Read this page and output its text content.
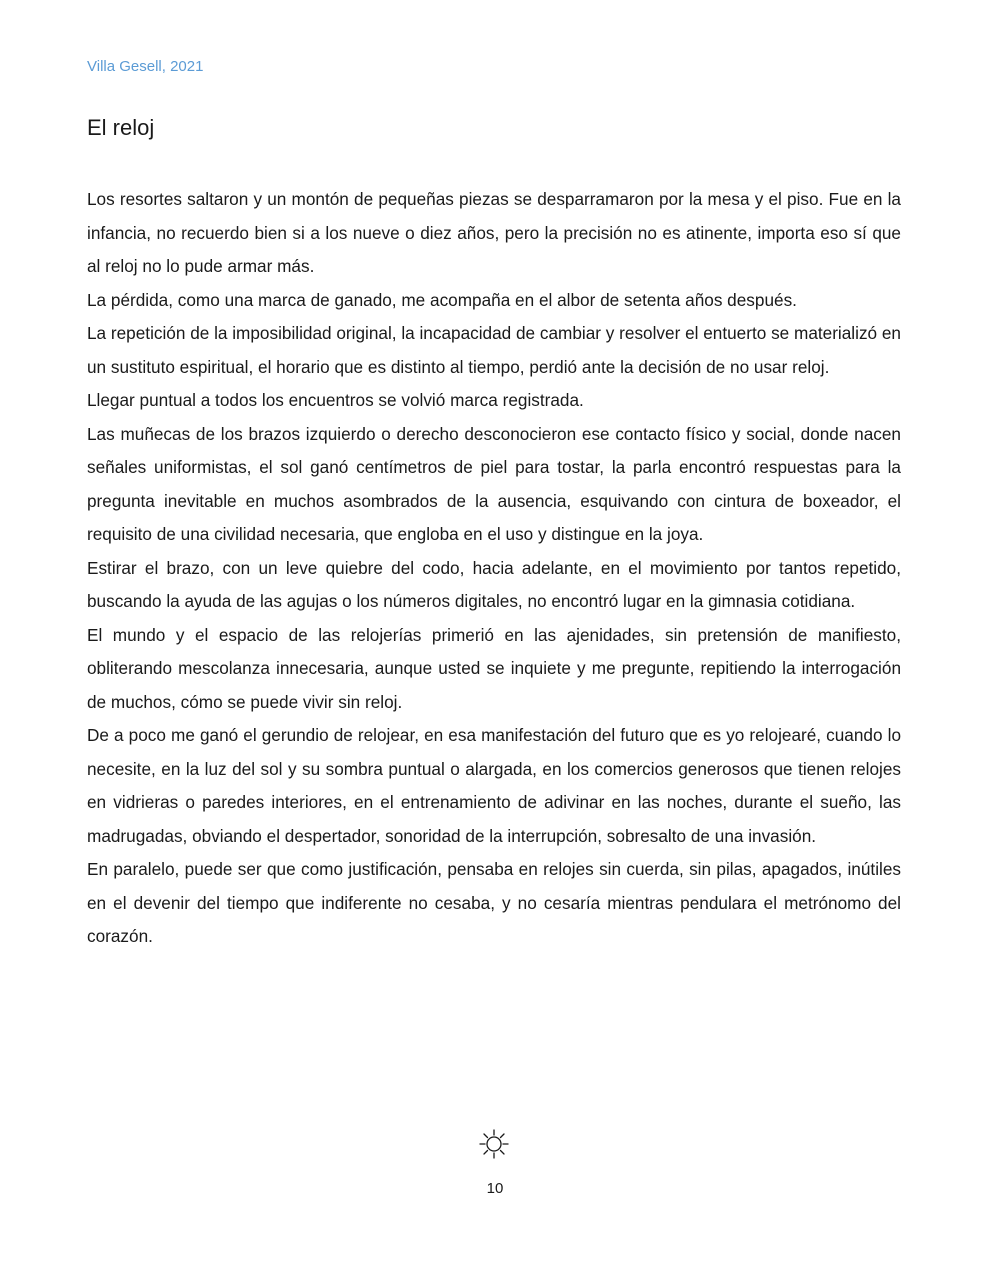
Villa Gesell, 2021
El reloj

Los resortes saltaron y un montón de pequeñas piezas se desparramaron por la mesa y el piso. Fue en la infancia, no recuerdo bien si a los nueve o diez años, pero la precisión no es atinente, importa eso sí que al reloj no lo pude armar más.

La pérdida, como una marca de ganado, me acompaña en el albor de setenta años después.

La repetición de la imposibilidad original, la incapacidad de cambiar y resolver el entuerto se materializó en un sustituto espiritual, el horario que es distinto al tiempo, perdió ante la decisión de no usar reloj.

Llegar puntual a todos los encuentros se volvió marca registrada.

Las muñecas de los brazos izquierdo o derecho desconocieron ese contacto físico y social, donde nacen señales uniformistas, el sol ganó centímetros de piel para tostar, la parla encontró respuestas para la pregunta inevitable en muchos asombrados de la ausencia, esquivando con cintura de boxeador, el requisito de una civilidad necesaria, que engloba en el uso y distingue en la joya.

Estirar el brazo, con un leve quiebre del codo, hacia adelante, en el movimiento por tantos repetido, buscando la ayuda de las agujas o los números digitales, no encontró lugar en la gimnasia cotidiana.

El mundo y el espacio de las relojerías primerió en las ajenidades, sin pretensión de manifiesto, obliterando mescolanza innecesaria, aunque usted se inquiete y me pregunte, repitiendo la interrogación de muchos, cómo se puede vivir sin reloj.

De a poco me ganó el gerundio de relojear, en esa manifestación del futuro que es yo relojearé, cuando lo necesite, en la luz del sol y su sombra puntual o alargada, en los comercios generosos que tienen relojes en vidrieras o paredes interiores, en el entrenamiento de adivinar en las noches, durante el sueño, las madrugadas, obviando el despertador, sonoridad de la interrupción, sobresalto de una invasión.

En paralelo, puede ser que como justificación, pensaba en relojes sin cuerda, sin pilas, apagados, inútiles en el devenir del tiempo que indiferente no cesaba, y no cesaría mientras pendulara el metrónomo del corazón.

10
